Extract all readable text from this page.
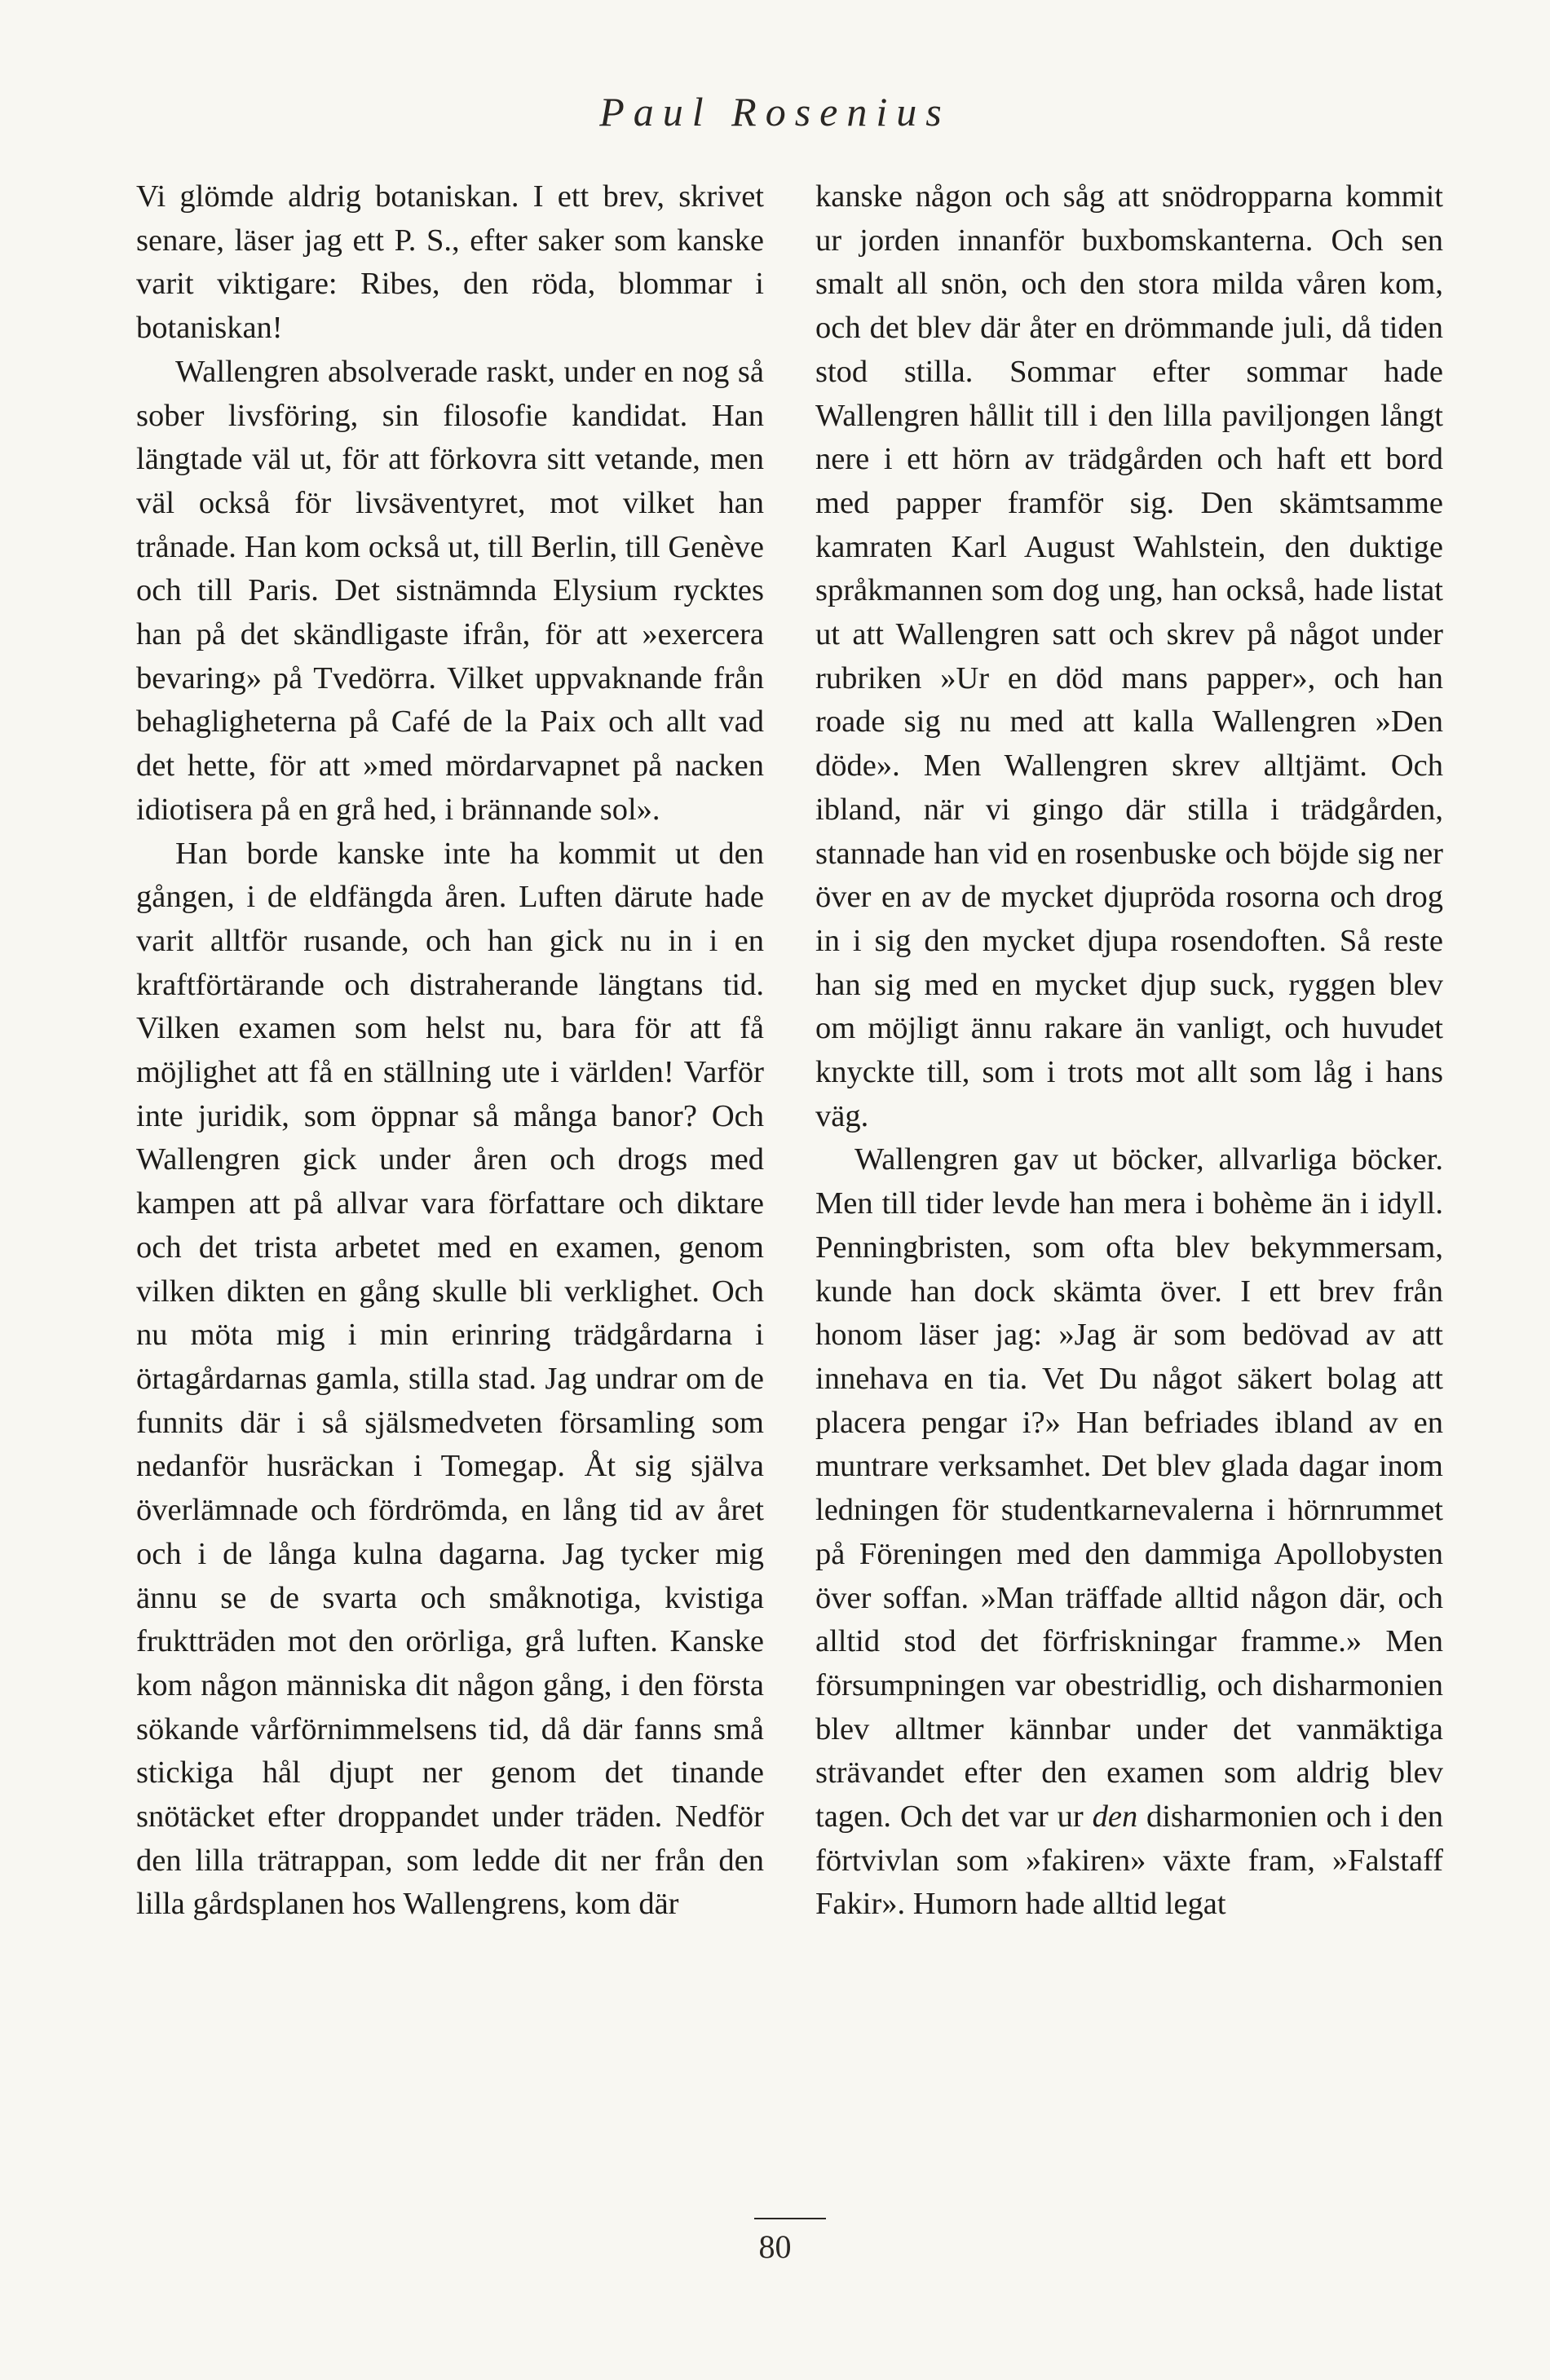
Paul Rosenius

Vi glömde aldrig botaniskan. I ett brev, skrivet senare, läser jag ett P. S., efter saker som kanske varit viktigare: Ribes, den röda, blommar i botaniskan!

Wallengren absolverade raskt, under en nog så sober livsföring, sin filosofie kandidat. Han längtade väl ut, för att förkovra sitt vetande, men väl också för livsäventyret, mot vilket han trånade. Han kom också ut, till Berlin, till Genève och till Paris. Det sistnämnda Elysium rycktes han på det skändligaste ifrån, för att »exercera bevaring» på Tvedörra. Vilket uppvaknande från behagligheterna på Café de la Paix och allt vad det hette, för att »med mördarvapnet på nacken idiotisera på en grå hed, i brännande sol».

Han borde kanske inte ha kommit ut den gången, i de eldfängda åren. Luften därute hade varit alltför rusande, och han gick nu in i en kraftförtärande och distraherande längtans tid. Vilken examen som helst nu, bara för att få möjlighet att få en ställning ute i världen! Varför inte juridik, som öppnar så många banor? Och Wallengren gick under åren och drogs med kampen att på allvar vara författare och diktare och det trista arbetet med en examen, genom vilken dikten en gång skulle bli verklighet. Och nu möta mig i min erinring trädgårdarna i örtagårdarnas gamla, stilla stad. Jag undrar om de funnits där i så själsmedveten församling som nedanför husräckan i Tomegap. Åt sig själva överlämnade och fördrömda, en lång tid av året och i de långa kulna dagarna. Jag tycker mig ännu se de svarta och småknotiga, kvistiga fruktträden mot den orörliga, grå luften. Kanske kom någon människa dit någon gång, i den första sökande vårförnimmelsens tid, då där fanns små stickiga hål djupt ner genom det tinande snötäcket efter droppandet under träden. Nedför den lilla trätrappan, som ledde dit ner från den lilla gårdsplanen hos Wallengrens, kom där

kanske någon och såg att snödropparna kommit ur jorden innanför buxbomskanterna. Och sen smalt all snön, och den stora milda våren kom, och det blev där åter en drömmande juli, då tiden stod stilla. Sommar efter sommar hade Wallengren hållit till i den lilla paviljongen långt nere i ett hörn av trädgården och haft ett bord med papper framför sig. Den skämtsamme kamraten Karl August Wahlstein, den duktige språkmannen som dog ung, han också, hade listat ut att Wallengren satt och skrev på något under rubriken »Ur en död mans papper», och han roade sig nu med att kalla Wallengren »Den döde». Men Wallengren skrev alltjämt. Och ibland, när vi gingo där stilla i trädgården, stannade han vid en rosenbuske och böjde sig ner över en av de mycket djupröda rosorna och drog in i sig den mycket djupa rosendoften. Så reste han sig med en mycket djup suck, ryggen blev om möjligt ännu rakare än vanligt, och huvudet knyckte till, som i trots mot allt som låg i hans väg.

Wallengren gav ut böcker, allvarliga böcker. Men till tider levde han mera i bohème än i idyll. Penningbristen, som ofta blev bekymmersam, kunde han dock skämta över. I ett brev från honom läser jag: »Jag är som bedövad av att innehava en tia. Vet Du något säkert bolag att placera pengar i?» Han befriades ibland av en muntrare verksamhet. Det blev glada dagar inom ledningen för studentkarnevalerna i hörnrummet på Föreningen med den dammiga Apollobysten över soffan. »Man träffade alltid någon där, och alltid stod det förfriskningar framme.» Men försumpningen var obestridlig, och disharmonien blev alltmer kännbar under det vanmäktiga strävandet efter den examen som aldrig blev tagen. Och det var ur den disharmonien och i den förtvivlan som »fakiren» växte fram, »Falstaff Fakir». Humorn hade alltid legat

80
